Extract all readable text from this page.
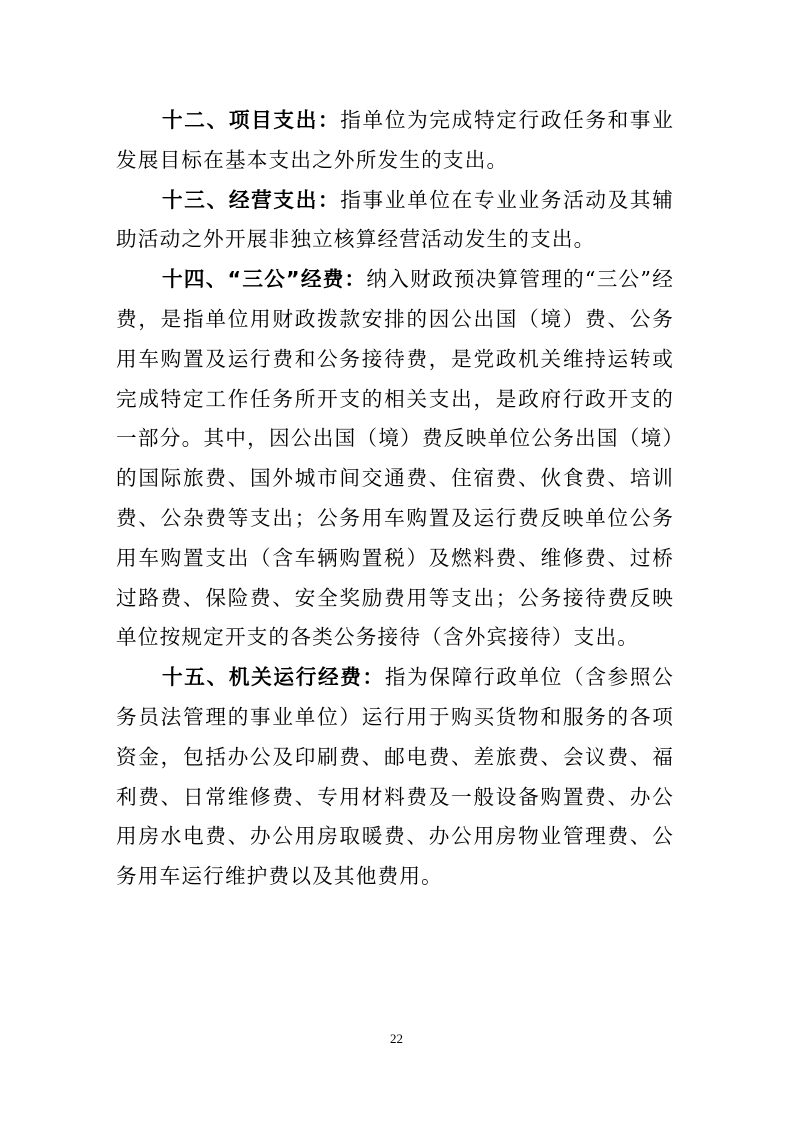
十二、项目支出：指单位为完成特定行政任务和事业发展目标在基本支出之外所发生的支出。

十三、经营支出：指事业单位在专业业务活动及其辅助活动之外开展非独立核算经营活动发生的支出。

十四、“三公”经费：纳入财政预决算管理的“三公”经费，是指单位用财政拨款安排的因公出国（境）费、公务用车购置及运行费和公务接待费，是党政机关维持运转或完成特定工作任务所开支的相关支出，是政府行政开支的一部分。其中，因公出国（境）费反映单位公务出国（境）的国际旅费、国外城市间交通费、住宿费、伙食费、培训费、公杂费等支出；公务用车购置及运行费反映单位公务用车购置支出（含车辆购置税）及燃料费、维修费、过桥过路费、保险费、安全奖励费用等支出；公务接待费反映单位按规定开支的各类公务接待（含外宾接待）支出。

十五、机关运行经费：指为保障行政单位（含参照公务员法管理的事业单位）运行用于购买货物和服务的各项资金，包括办公及印刷费、邮电费、差旅费、会议费、福利费、日常维修费、专用材料费及一般设备购置费、办公用房水电费、办公用房取暖费、办公用房物业管理费、公务用车运行维护费以及其他费用。

22
